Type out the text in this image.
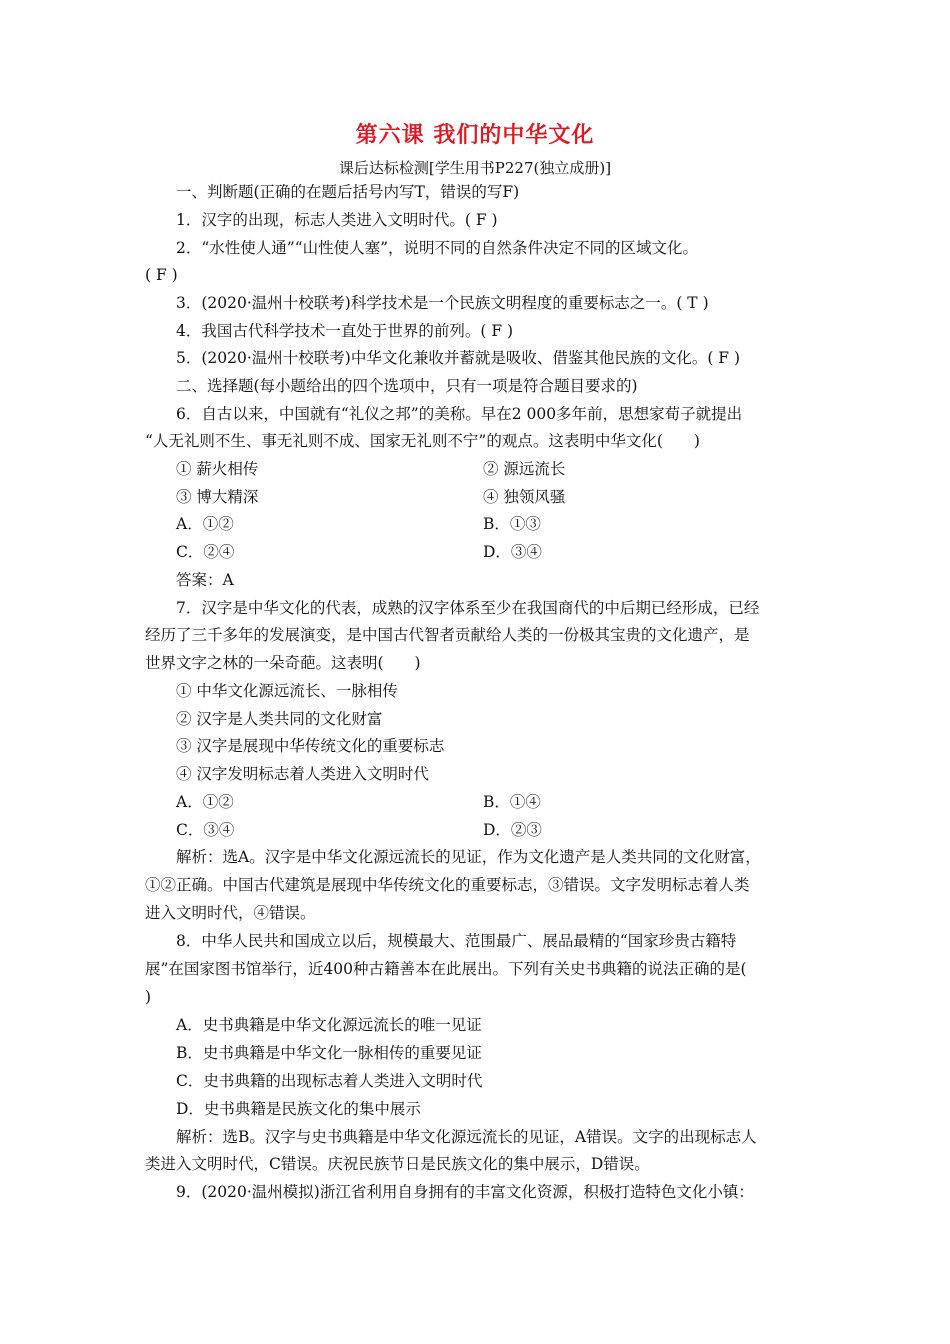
第六课 我们的中华文化
课后达标检测[学生用书P227(独立成册)]
一、判断题(正确的在题后括号内写T，错误的写F)
1．汉字的出现，标志人类进入文明时代。( F )
2．“水性使人通”“山性使人塞”，说明不同的自然条件决定不同的区域文化。
( F )
3．(2020·温州十校联考)科学技术是一个民族文明程度的重要标志之一。( T )
4．我国古代科学技术一直处于世界的前列。( F )
5．(2020·温州十校联考)中华文化兼收并蓄就是吸收、借鉴其他民族的文化。( F )
二、选择题(每小题给出的四个选项中，只有一项是符合题目要求的)
6．自古以来，中国就有“礼仪之邦”的美称。早在2 000多年前，思想家荀子就提出
“人无礼则不生、事无礼则不成、国家无礼则不宁”的观点。这表明中华文化(　　)
① 薪火相传	② 源远流长
③ 博大精深	④ 独领风骚
A．①②	B．①③
C．②④	D．③④
答案：A
7．汉字是中华文化的代表，成熟的汉字体系至少在我国商代的中后期已经形成，已经
经历了三千多年的发展演变，是中国古代智者贡献给人类的一份极其宝贵的文化遗产，是
世界文字之林的一朵奇葩。这表明(　　)
① 中华文化源远流长、一脉相传
② 汉字是人类共同的文化财富
③ 汉字是展现中华传统文化的重要标志
④ 汉字发明标志着人类进入文明时代
A．①②	B．①④
C．③④	D．②③
解析：选A。汉字是中华文化源远流长的见证，作为文化遗产是人类共同的文化财富，
①②正确。中国古代建筑是展现中华传统文化的重要标志，③错误。文字发明标志着人类
进入文明时代，④错误。
8．中华人民共和国成立以后，规模最大、范围最广、展品最精的“国家珍贵古籍特
展”在国家图书馆举行，近400种古籍善本在此展出。下列有关史书典籍的说法正确的是(
)
A．史书典籍是中华文化源远流长的唯一见证
B．史书典籍是中华文化一脉相传的重要见证
C．史书典籍的出现标志着人类进入文明时代
D．史书典籍是民族文化的集中展示
解析：选B。汉字与史书典籍是中华文化源远流长的见证，A错误。文字的出现标志人
类进入文明时代，C错误。庆祝民族节日是民族文化的集中展示，D错误。
9．(2020·温州模拟)浙江省利用自身拥有的丰富文化资源，积极打造特色文化小镇：
